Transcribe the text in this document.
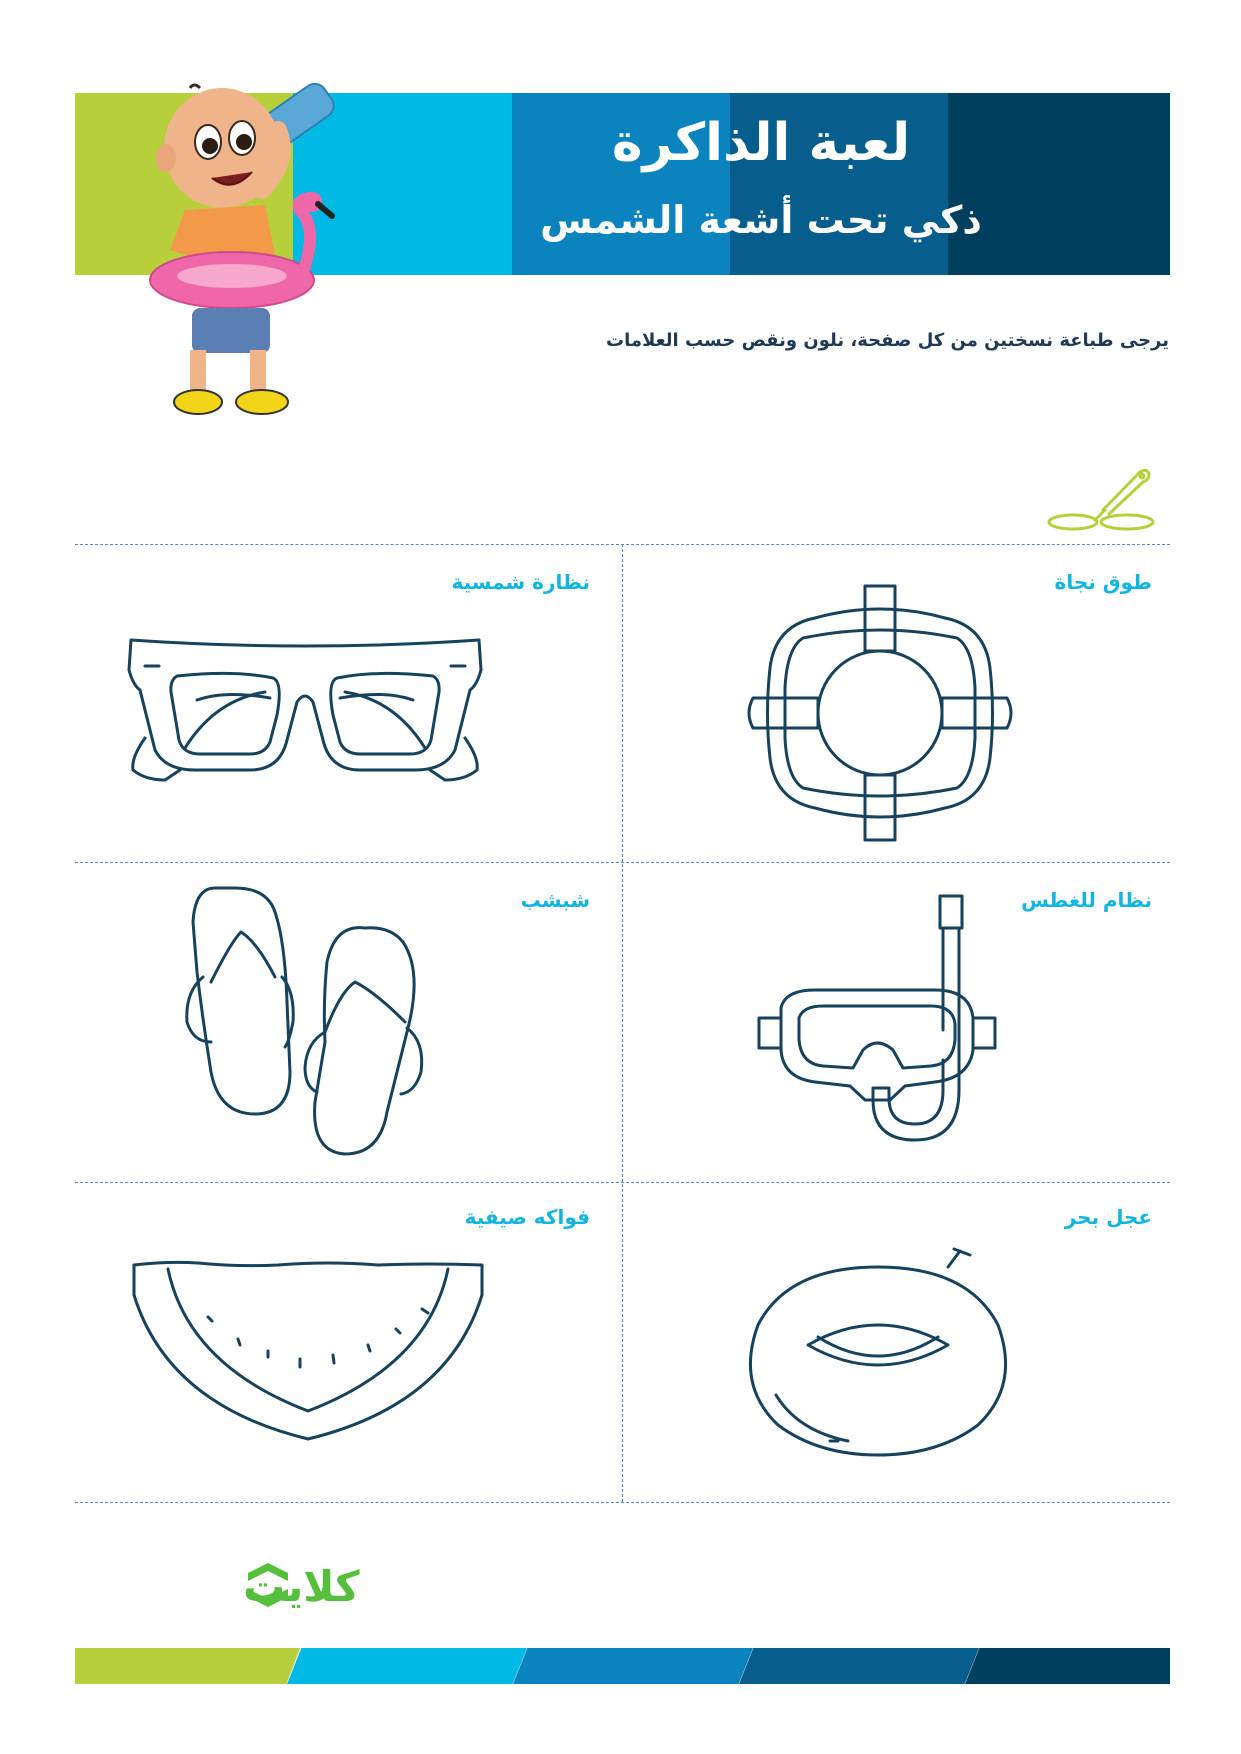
لعبة الذاكرة
ذكي تحت أشعة الشمس
يرجى طباعة نسختين من كل صفحة، نلون ونقص حسب العلامات
طوق نجاة
نظارة شمسية
نظام للغطس
شبشب
عجل بحر
فواكه صيفية
كلايت
